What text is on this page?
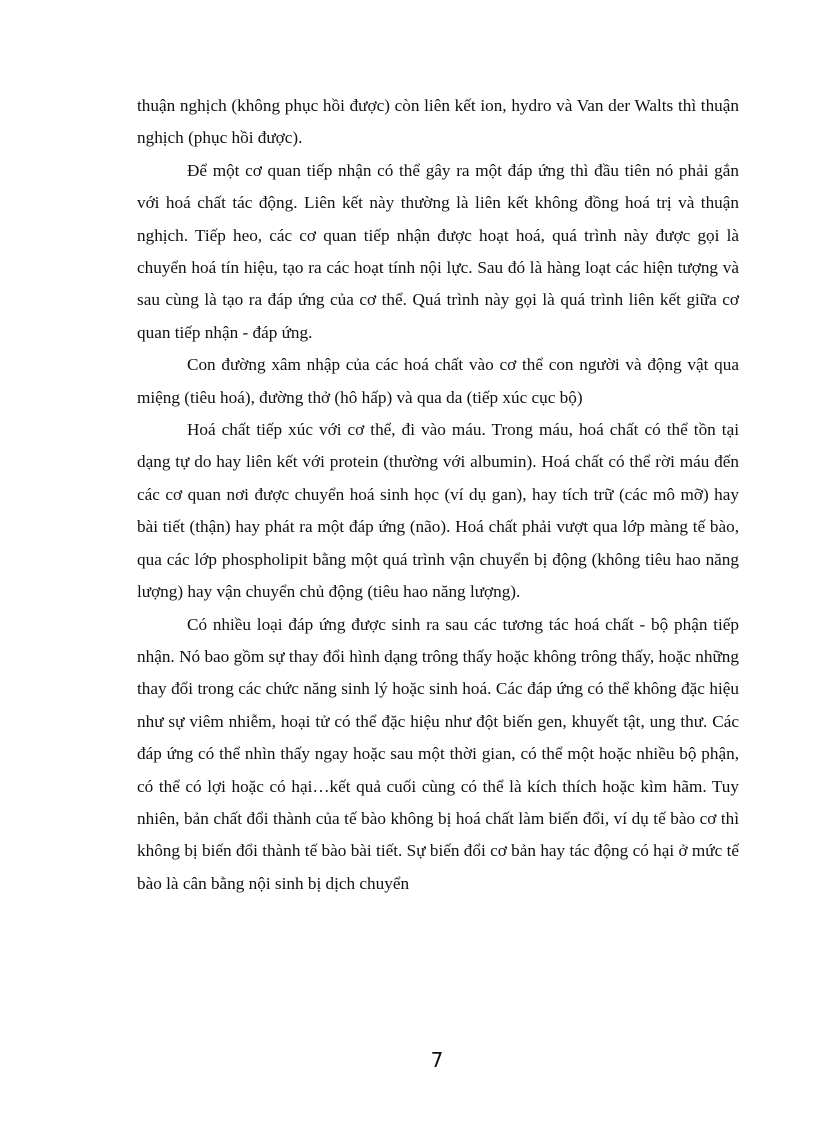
thuận nghịch (không phục hồi được) còn liên kết ion, hydro và Van der Walts thì thuận nghịch (phục hồi được).

Để một cơ quan tiếp nhận có thể gây ra một đáp ứng thì đầu tiên nó phải gắn với hoá chất tác động. Liên kết này thường là liên kết không đồng hoá trị và thuận nghịch. Tiếp heo, các cơ quan tiếp nhận được hoạt hoá, quá trình này được gọi là chuyển hoá tín hiệu, tạo ra các hoạt tính nội lực. Sau đó là hàng loạt các hiện tượng và sau cùng là tạo ra đáp ứng của cơ thể. Quá trình này gọi là quá trình liên kết giữa cơ quan tiếp nhận - đáp ứng.

Con đường xâm nhập của các hoá chất vào cơ thể con người và động vật qua miệng (tiêu hoá), đường thở (hô hấp) và qua da (tiếp xúc cục bộ)

Hoá chất tiếp xúc với cơ thể, đi vào máu. Trong máu, hoá chất có thể tồn tại dạng tự do hay liên kết với protein (thường với albumin). Hoá chất có thể rời máu đến các cơ quan nơi được chuyển hoá sinh học (ví dụ gan), hay tích trữ (các mô mỡ) hay bài tiết (thận) hay phát ra một đáp ứng (não). Hoá chất phải vượt qua lớp màng tế bào, qua các lớp phospholipit bằng một quá trình vận chuyển bị động (không tiêu hao năng lượng) hay vận chuyển chủ động (tiêu hao năng lượng).

Có nhiều loại đáp ứng được sinh ra sau các tương tác hoá chất - bộ phận tiếp nhận. Nó bao gồm sự thay đổi hình dạng trông thấy hoặc không trông thấy, hoặc những thay đổi trong các chức năng sinh lý hoặc sinh hoá. Các đáp ứng có thể không đặc hiệu như sự viêm nhiễm, hoại tử có thể đặc hiệu như đột biến gen, khuyết tật, ung thư. Các đáp ứng có thể nhìn thấy ngay hoặc sau một thời gian, có thể một hoặc nhiều bộ phận, có thể có lợi hoặc có hại…kết quả cuối cùng có thể là kích thích hoặc kìm hãm. Tuy nhiên, bản chất đổi thành của tế bào không bị hoá chất làm biến đổi, ví dụ tế bào cơ thì không bị biến đổi thành tế bào bài tiết. Sự biến đổi cơ bản hay tác động có hại ở mức tế bào là cân bằng nội sinh bị dịch chuyển

7
